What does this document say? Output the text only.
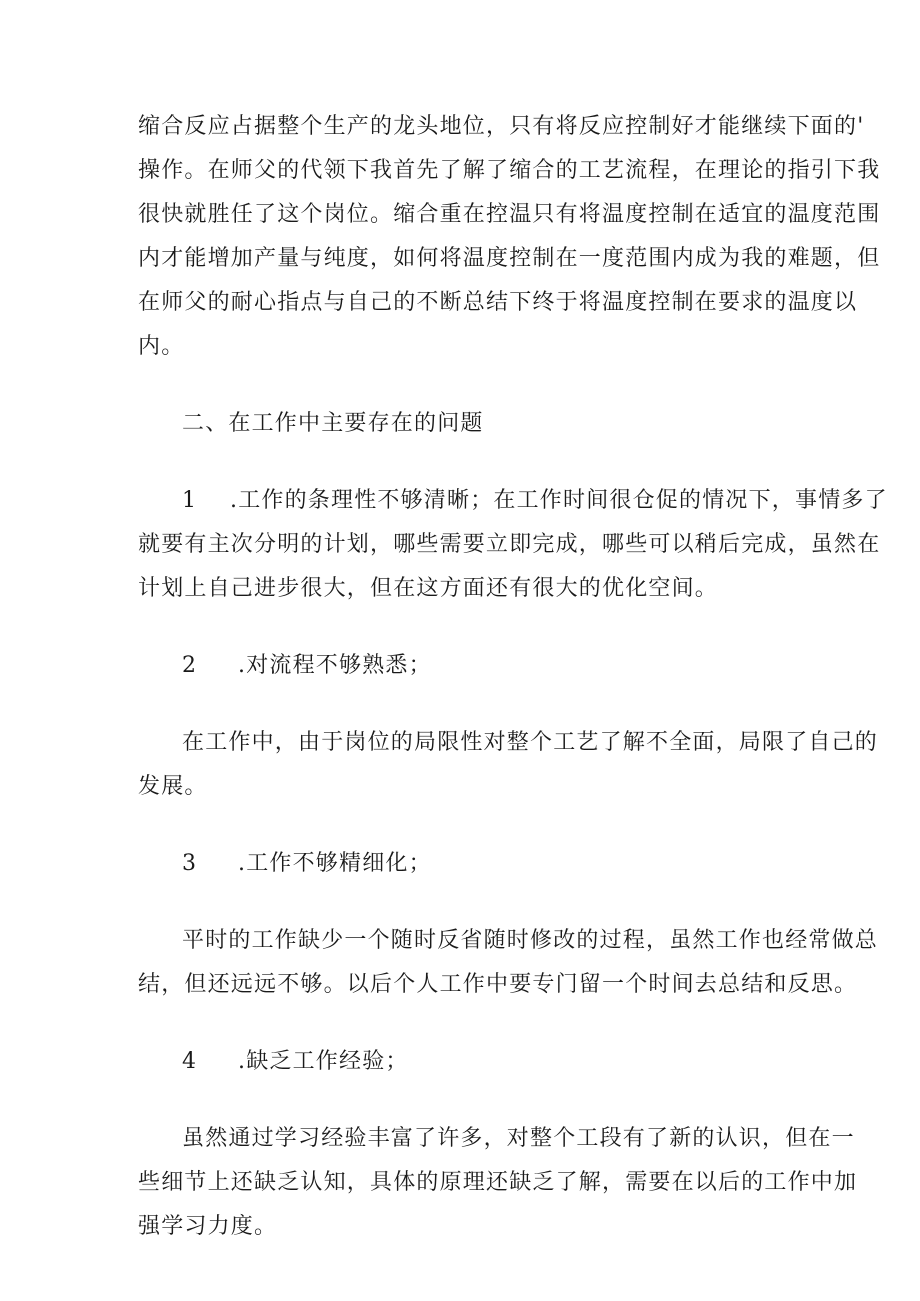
缩合反应占据整个生产的龙头地位，只有将反应控制好才能继续下面的'
操作。在师父的代领下我首先了解了缩合的工艺流程，在理论的指引下我
很快就胜任了这个岗位。缩合重在控温只有将温度控制在适宜的温度范围
内才能增加产量与纯度，如何将温度控制在一度范围内成为我的难题，但
在师父的耐心指点与自己的不断总结下终于将温度控制在要求的温度以
内。
二、在工作中主要存在的问题
1 .工作的条理性不够清晰；在工作时间很仓促的情况下，事情多了
就要有主次分明的计划，哪些需要立即完成，哪些可以稍后完成，虽然在
计划上自己进步很大，但在这方面还有很大的优化空间。
2 .对流程不够熟悉；
在工作中，由于岗位的局限性对整个工艺了解不全面，局限了自己的
发展。
3 .工作不够精细化；
平时的工作缺少一个随时反省随时修改的过程，虽然工作也经常做总
结，但还远远不够。以后个人工作中要专门留一个时间去总结和反思。
4 .缺乏工作经验；
虽然通过学习经验丰富了许多，对整个工段有了新的认识，但在一
些细节上还缺乏认知，具体的原理还缺乏了解，需要在以后的工作中加
强学习力度。
